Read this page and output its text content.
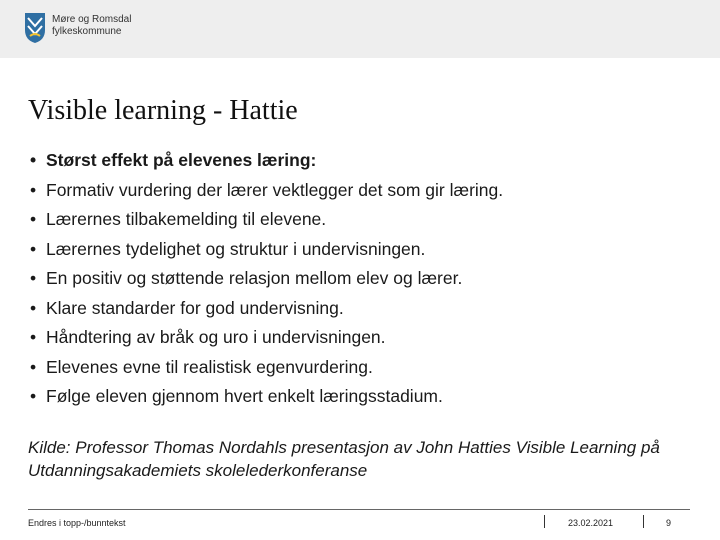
Møre og Romsdal
fylkeskommune
Visible learning - Hattie
• Størst effekt på elevenes læring:
• Formativ vurdering der lærer vektlegger det som gir læring.
• Lærernes tilbakemelding til elevene.
• Lærernes tydelighet og struktur i undervisningen.
• En positiv og støttende relasjon mellom elev og lærer.
• Klare standarder for god undervisning.
• Håndtering av bråk og uro i undervisningen.
• Elevenes evne til realistisk egenvurdering.
• Følge eleven gjennom hvert enkelt læringsstadium.

Kilde: Professor Thomas Nordahls presentasjon av John Hatties Visible Learning på Utdanningsakademiets skolelederkonferanse

Endres i topp-/bunntekst	23.02.2021	9
